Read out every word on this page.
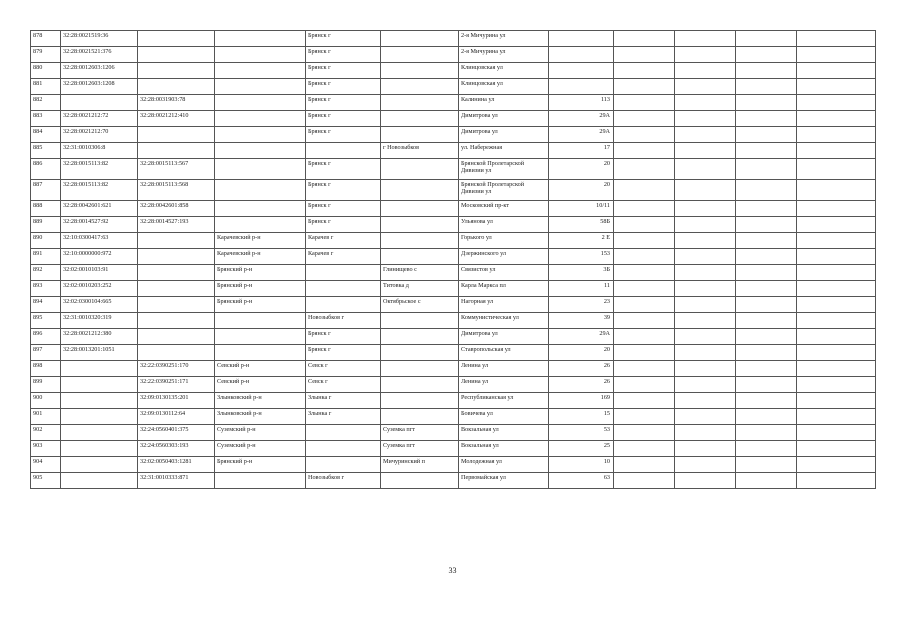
878	32:28:0021519:36			Брянск г		2-я Мичурина ул					
879	32:28:0021521:376			Брянск г		2-я Мичурина ул					
880	32:28:0012603:1206			Брянск г		Клинцовская ул					
881	32:28:0012603:1208			Брянск г		Клинцовская ул					
882		32:28:0031903:78		Брянск г		Калинина ул	113				
883	32:28:0021212:72	32:28:0021212:410		Брянск г		Димитрова ул	29А				
884	32:28:0021212:70			Брянск г		Димитрова ул	29А				
885	32:31:0010306:8				г Новозыбков	ул. Набережная	17				
886	32:28:0015113:82	32:28:0015113:567		Брянск г		Брянской Пролетарской Дивизии ул	20				
887	32:28:0015113:82	32:28:0015113:568		Брянск г		Брянской Пролетарской Дивизии ул	20				
888	32:28:0042601:621	32:28:0042601:858		Брянск г		Московский пр-кт	10/11				
889	32:28:0014527:92	32:28:0014527:193		Брянск г		Ульянова ул	58Б				
890	32:10:0300417:63		Карачевский р-н	Карачев г		Горького ул	2 Е				
891	32:10:0000000:972		Карачевский р-н	Карачев г		Дзержинского ул	153				
892	32:02:0010103:91		Брянский р-н		Глинищево с	Связистов ул	3Б				
893	32:02:0010203:252		Брянский р-н		Титовка д	Карла Маркса пл	11				
894	32:02:0300104:665		Брянский р-н		Октябрьское с	Нагорная ул	23				
895	32:31:0010320:319			Новозыбков г		Коммунистическая ул	39				
896	32:28:0021212:380			Брянск г		Димитрова ул	29А				
897	32:28:0013201:1051			Брянск г		Ставропольская ул	20				
898		32:22:0390251:170	Севский р-н	Севск г		Ленина ул	26				
899		32:22:0390251:171	Севский р-н	Севск г		Ленина ул	26				
900		32:09:0130135:201	Злынковский р-н	Злынка г		Республиканская ул	169				
901		32:09:0130112:64	Злынковский р-н	Злынка г		Бовичева ул	15				
902		32:24:0560401:375	Суземский р-н		Суземка пгт	Вокзальная ул	53				
903		32:24:0560303:193	Суземский р-н		Суземка пгт	Вокзальная ул	25				
904		32:02:0050403:1281	Брянский р-н		Мичуринский п	Молодежная ул	10				
905		32:31:0010333:871		Новозыбков г		Первомайская ул	63				
33
